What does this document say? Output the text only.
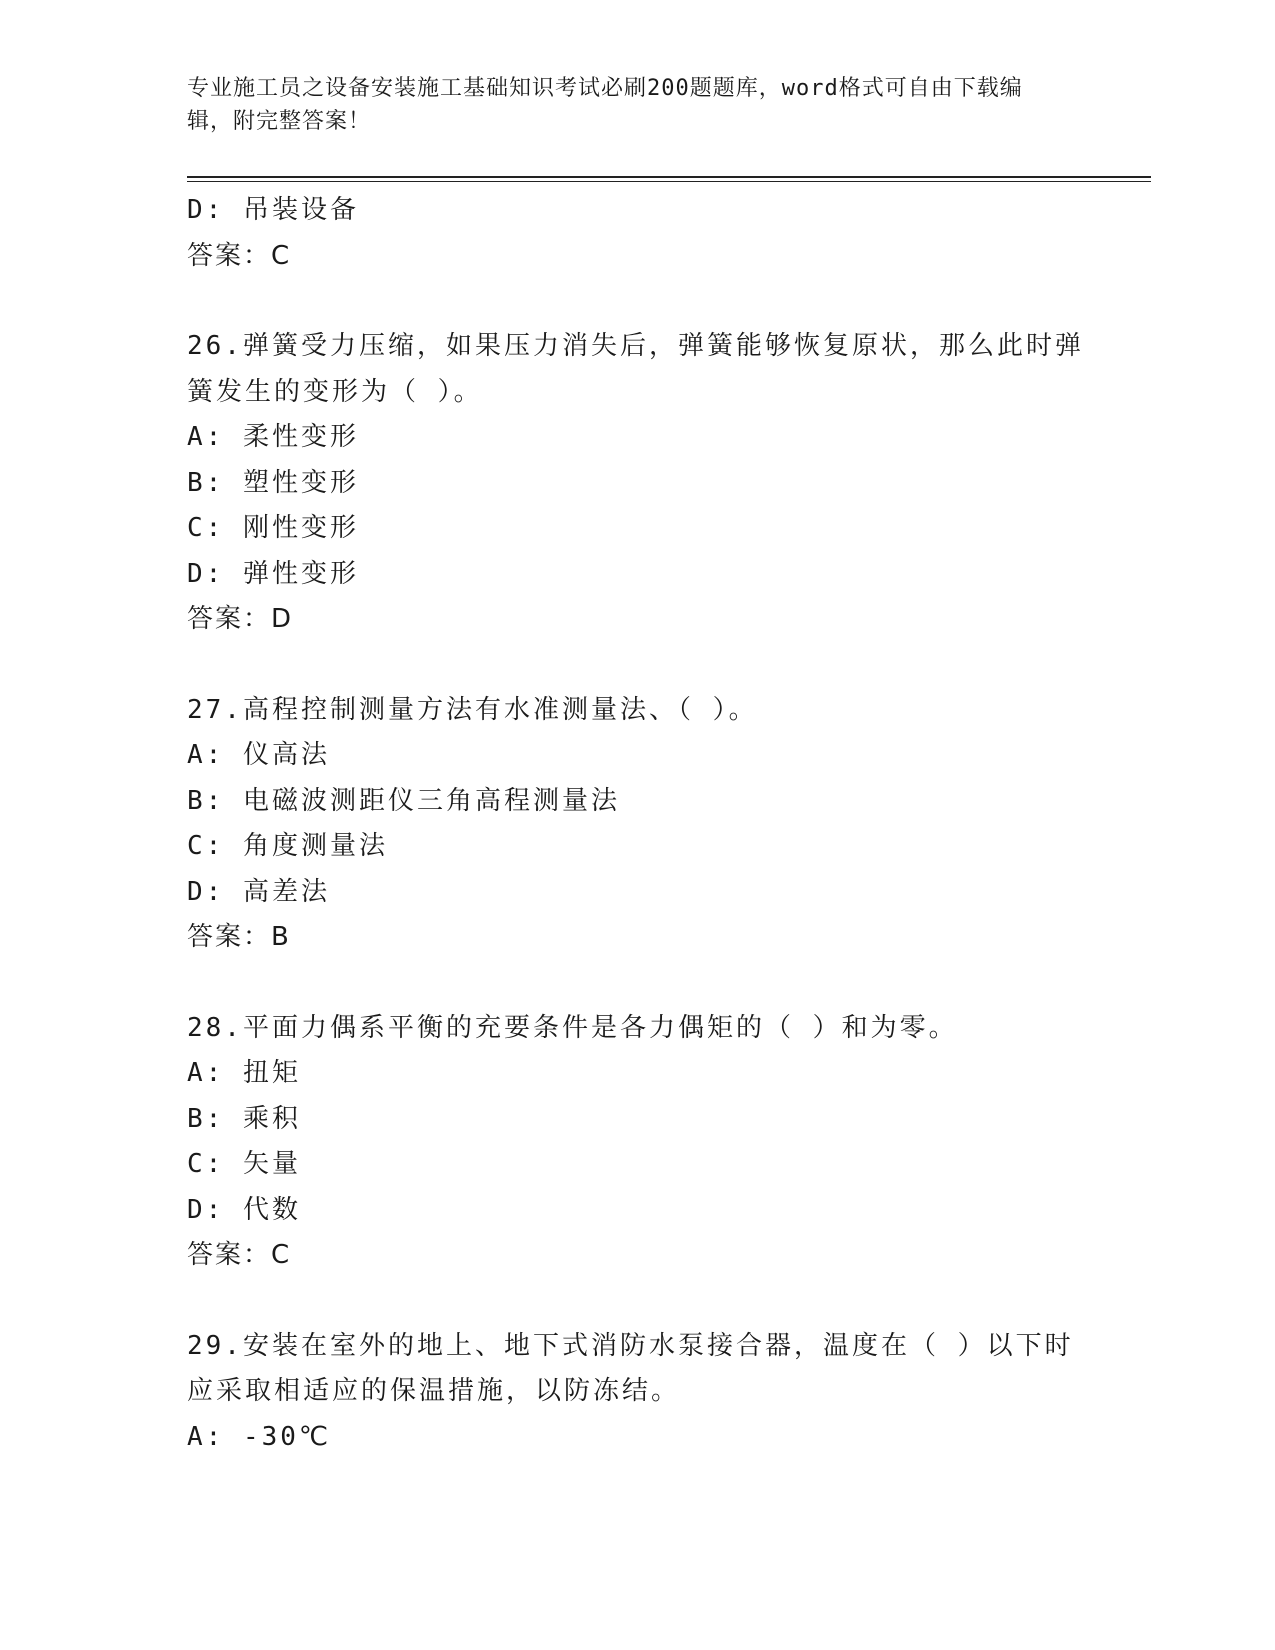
专业施工员之设备安装施工基础知识考试必刷200题题库，word格式可自由下载编辑，附完整答案！
D: 吊装设备
答案：C
26.弹簧受力压缩，如果压力消失后，弹簧能够恢复原状，那么此时弹
簧发生的变形为（ ）。
A: 柔性变形
B: 塑性变形
C: 刚性变形
D: 弹性变形
答案：D
27.高程控制测量方法有水准测量法、（ ）。
A: 仪高法
B: 电磁波测距仪三角高程测量法
C: 角度测量法
D: 高差法
答案：B
28.平面力偶系平衡的充要条件是各力偶矩的（ ）和为零。
A: 扭矩
B: 乘积
C: 矢量
D: 代数
答案：C
29.安装在室外的地上、地下式消防水泵接合器，温度在（ ）以下时
应采取相适应的保温措施，以防冻结。
A: -30℃
